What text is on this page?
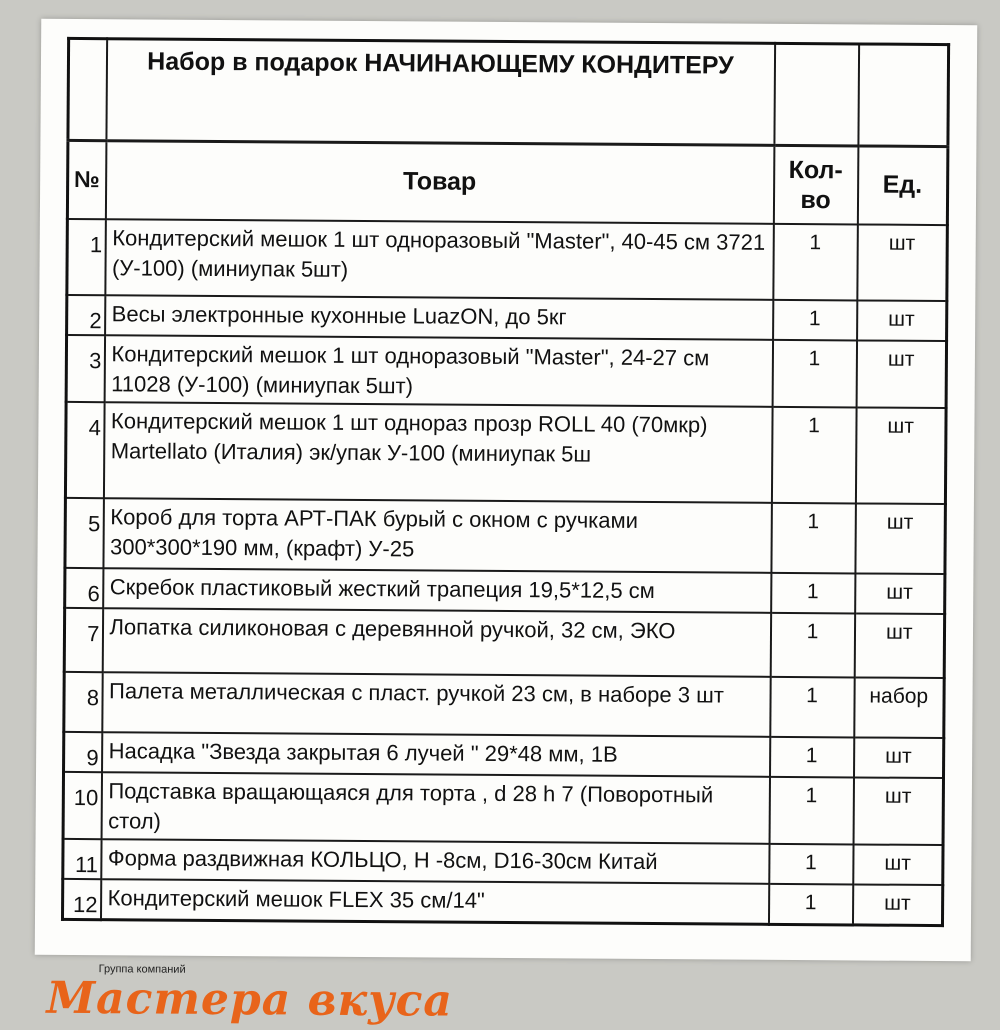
	Набор в подарок НАЧИНАЮЩЕМУ КОНДИТЕРУ		
№	Товар	Кол-во	Ед.
1	Кондитерский мешок 1 шт одноразовый "Master", 40-45 см 3721 (У-100) (миниупак 5шт)	1	шт
2	Весы электронные кухонные LuazON, до 5кг	1	шт
3	Кондитерский мешок 1 шт одноразовый "Master", 24-27 см 11028 (У-100) (миниупак 5шт)	1	шт
4	Кондитерский мешок 1 шт однораз прозр ROLL 40 (70мкр) Martellato (Италия) эк/упак У-100 (миниупак 5ш	1	шт
5	Короб для торта АРТ-ПАК бурый с окном с ручками 300*300*190 мм, (крафт) У-25	1	шт
6	Скребок пластиковый жесткий трапеция 19,5*12,5 см	1	шт
7	Лопатка силиконовая с деревянной ручкой, 32 см, ЭКО	1	шт
8	Палета металлическая с пласт. ручкой 23 см, в наборе 3 шт	1	набор
9	Насадка "Звезда закрытая 6 лучей " 29*48 мм, 1В	1	шт
10	Подставка вращающаяся для торта , d 28 h 7 (Поворотный стол)	1	шт
11	Форма раздвижная КОЛЬЦО, Н -8см, D16-30см Китай	1	шт
12	Кондитерский мешок FLEX 35 см/14"	1	шт
Группа компаний
Мастера вкуса
